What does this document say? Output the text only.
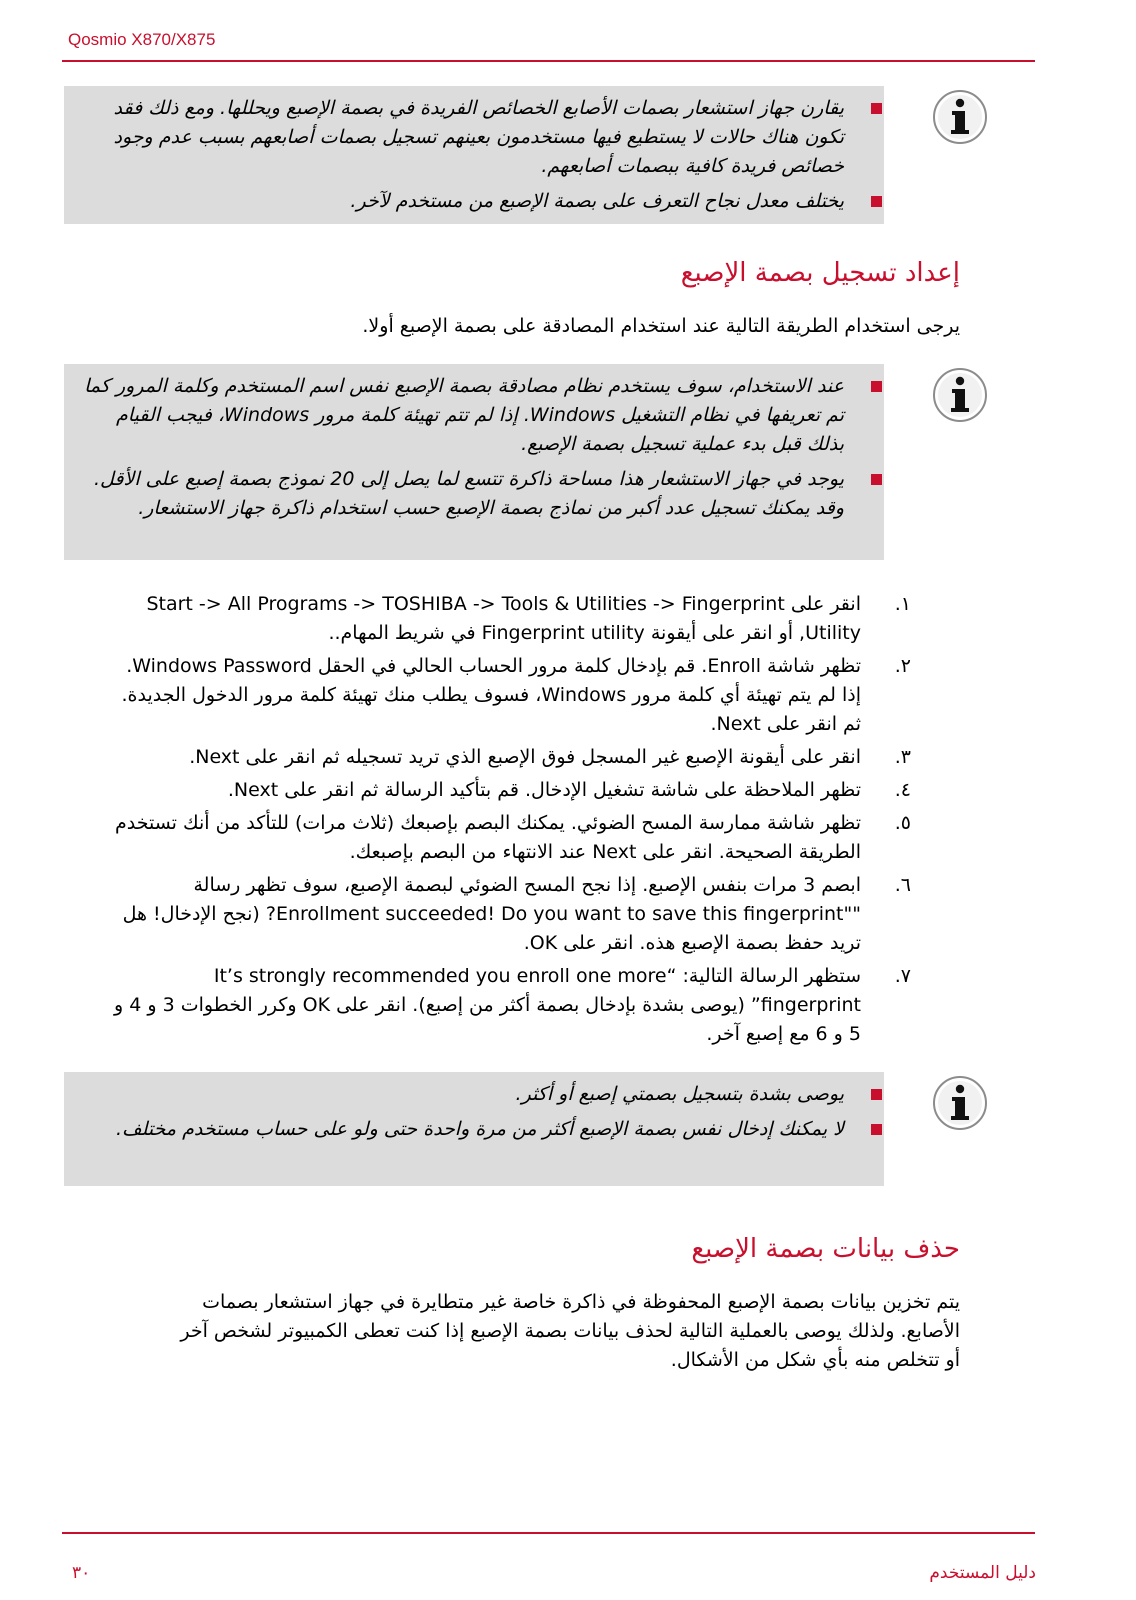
Qosmio X870/X875
يقارن جهاز استشعار بصمات الأصابع الخصائص الفريدة في بصمة الإصبع ويحللها. ومع ذلك فقد تكون هناك حالات لا يستطيع فيها مستخدمون بعينهم تسجيل بصمات أصابعهم بسبب عدم وجود خصائص فريدة كافية ببصمات أصابعهم.
يختلف معدل نجاح التعرف على بصمة الإصبع من مستخدم لآخر.
إعداد تسجيل بصمة الإصبع

يرجى استخدام الطريقة التالية عند استخدام المصادقة على بصمة الإصبع أولا.

عند الاستخدام، سوف يستخدم نظام مصادقة بصمة الإصبع نفس اسم المستخدم وكلمة المرور كما تم تعريفها في نظام التشغيل Windows. إذا لم تتم تهيئة كلمة مرور Windows، فيجب القيام بذلك قبل بدء عملية تسجيل بصمة الإصبع.
يوجد في جهاز الاستشعار هذا مساحة ذاكرة تتسع لما يصل إلى 20 نموذج بصمة إصبع على الأقل. وقد يمكنك تسجيل عدد أكبر من نماذج بصمة الإصبع حسب استخدام ذاكرة جهاز الاستشعار.
١.
انقر على Start -> All Programs -> TOSHIBA -> Tools & Utilities -> Fingerprint Utility, أو انقر على أيقونة Fingerprint utility في شريط المهام..
٢.
تظهر شاشة Enroll. قم بإدخال كلمة مرور الحساب الحالي في الحقل Windows Password. إذا لم يتم تهيئة أي كلمة مرور Windows، فسوف يطلب منك تهيئة كلمة مرور الدخول الجديدة. ثم انقر على Next.
٣.
انقر على أيقونة الإصبع غير المسجل فوق الإصبع الذي تريد تسجيله ثم انقر على Next.
٤.
تظهر الملاحظة على شاشة تشغيل الإدخال. قم بتأكيد الرسالة ثم انقر على Next.
٥.
تظهر شاشة ممارسة المسح الضوئي. يمكنك البصم بإصبعك (ثلاث مرات) للتأكد من أنك تستخدم الطريقة الصحيحة. انقر على Next عند الانتهاء من البصم بإصبعك.
٦.
ابصم 3 مرات بنفس الإصبع. إذا نجح المسح الضوئي لبصمة الإصبع، سوف تظهر رسالة ""Enrollment succeeded! Do you want to save this fingerprint? (نجح الإدخال! هل تريد حفظ بصمة الإصبع هذه. انقر على OK.
٧.
ستظهر الرسالة التالية: “It’s strongly recommended you enroll one more fingerprint” (يوصى بشدة بإدخال بصمة أكثر من إصبع). انقر على OK وكرر الخطوات 3 و 4 و 5 و 6 مع إصبع آخر.
يوصى بشدة بتسجيل بصمتي إصبع أو أكثر.
لا يمكنك إدخال نفس بصمة الإصبع أكثر من مرة واحدة حتى ولو على حساب مستخدم مختلف.
حذف بيانات بصمة الإصبع

يتم تخزين بيانات بصمة الإصبع المحفوظة في ذاكرة خاصة غير متطايرة في جهاز استشعار بصمات الأصابع. ولذلك يوصى بالعملية التالية لحذف بيانات بصمة الإصبع إذا كنت تعطى الكمبيوتر لشخص آخر أو تتخلص منه بأي شكل من الأشكال.

٣٠	دليل المستخدم
